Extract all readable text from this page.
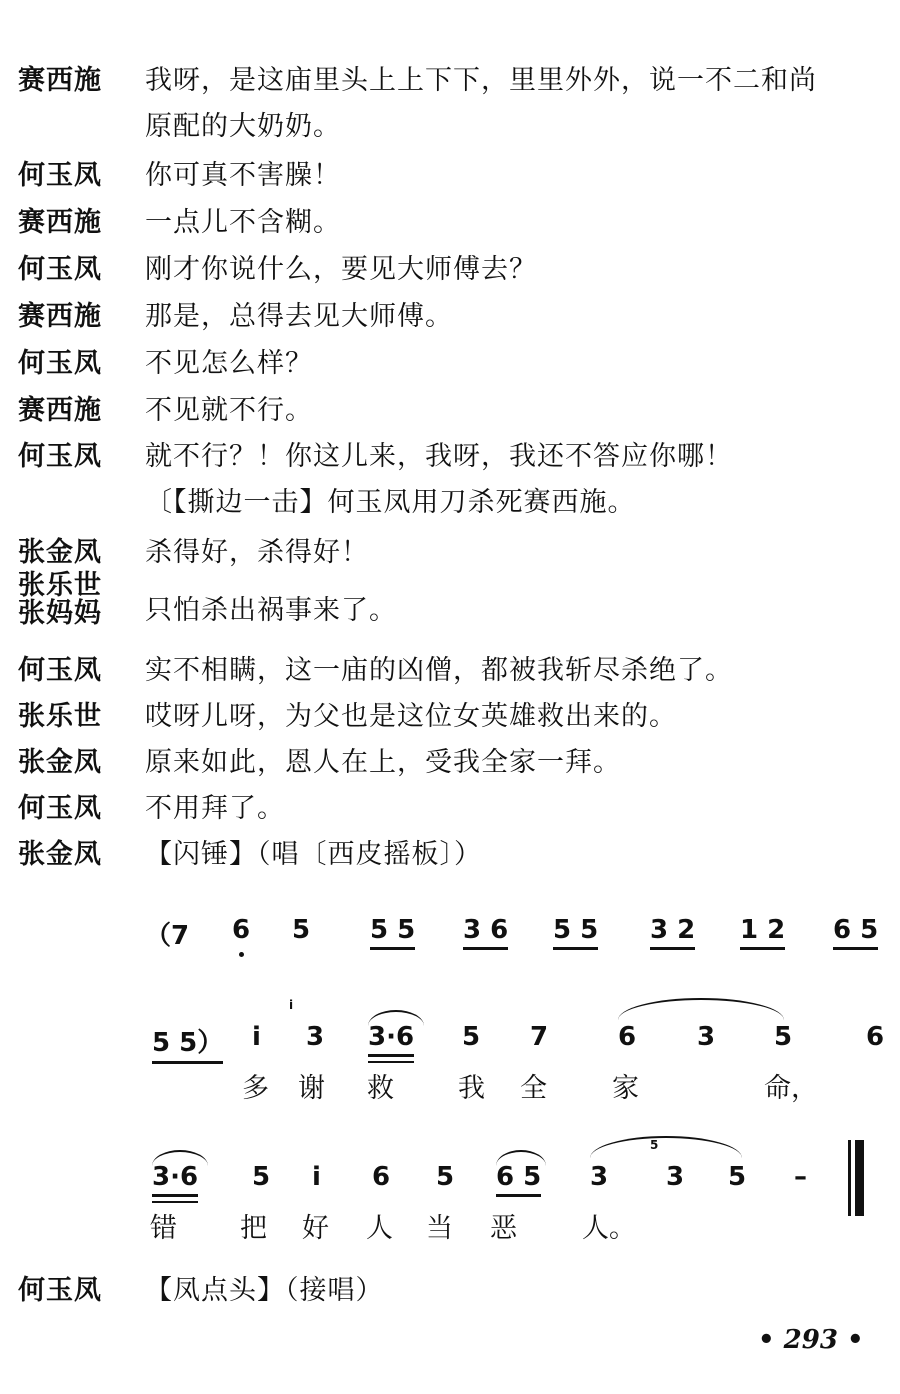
赛西施 我呀，是这庙里头上上下下，里里外外，说一不二和尚
原配的大奶奶。
何玉凤 你可真不害臊！
赛西施 一点儿不含糊。
何玉凤 刚才你说什么，要见大师傅去？
赛西施 那是，总得去见大师傅。
何玉凤 不见怎么样？
赛西施 不见就不行。
何玉凤 就不行？！你这儿来，我呀，我还不答应你哪！
〔【撕边一击】何玉凤用刀杀死赛西施。
张金凤 杀得好，杀得好！
张乐世
张妈妈 只怕杀出祸事来了。
何玉凤 实不相瞒，这一庙的凶僧，都被我斩尽杀绝了。
张乐世 哎呀儿呀，为父也是这位女英雄救出来的。
张金凤 原来如此，恩人在上，受我全家一拜。
何玉凤 不用拜了。
张金凤 【闪锤】（唱〔西皮摇板〕）
（7 6 5 5 5 3 6 5 5 3 2 1 2 6 5
5 5） i
i
3 3·6 5 7	6 3 5	6
多 谢 救 我 全 家	命，
3·6 5 i 6 5 6 5 3
5
3 5 –
错 把 好 人 当 恶 人。
何玉凤 【凤点头】（接唱）
• 293 •
